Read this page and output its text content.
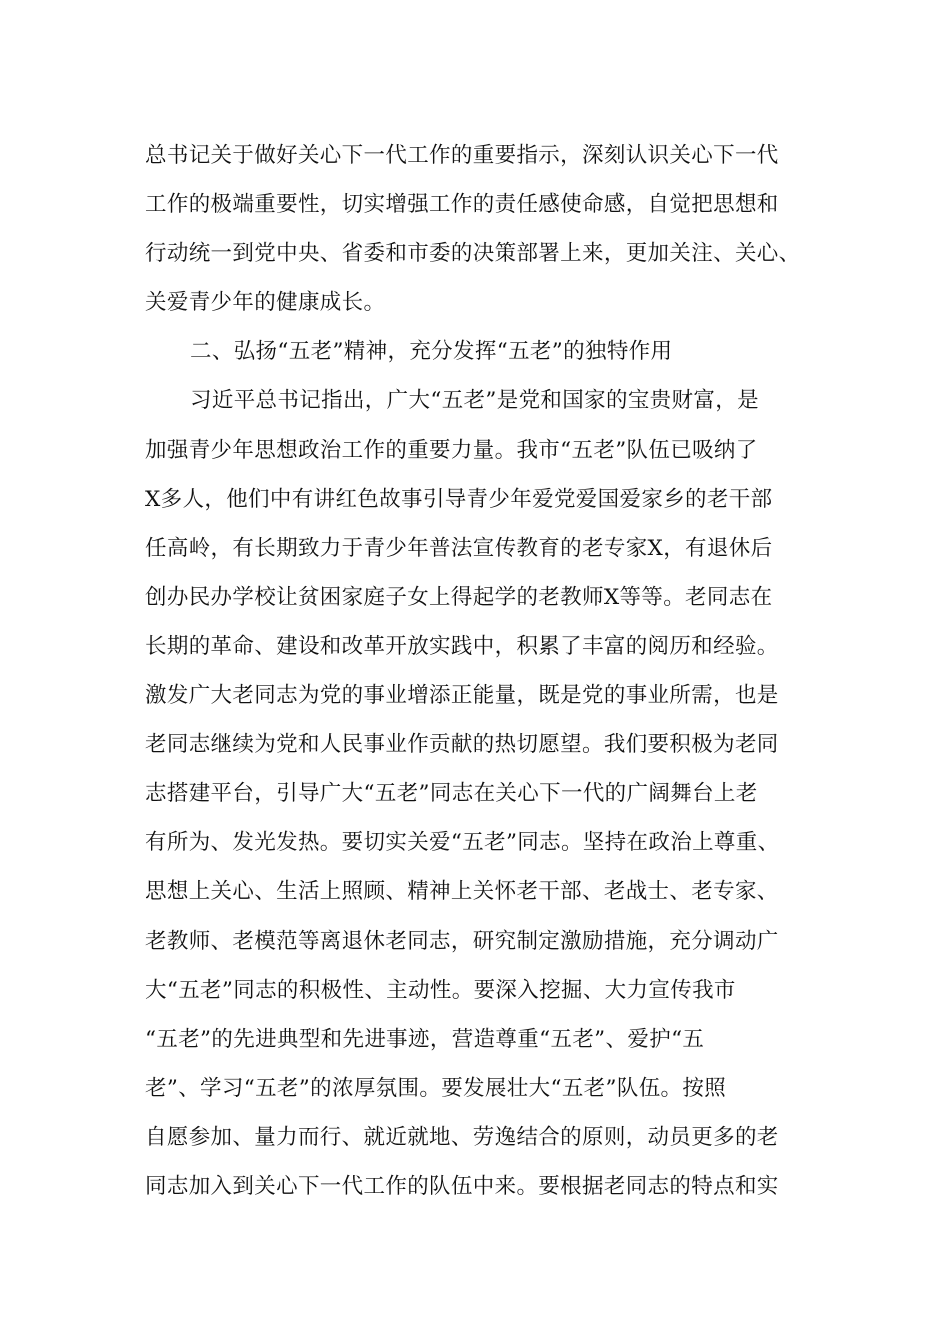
总书记关于做好关心下一代工作的重要指示，深刻认识关心下一代
工作的极端重要性，切实增强工作的责任感使命感，自觉把思想和
行动统一到党中央、省委和市委的决策部署上来，更加关注、关心、
关爱青少年的健康成长。
二、弘扬“五老”精神，充分发挥“五老”的独特作用
习近平总书记指出，广大“五老”是党和国家的宝贵财富，是
加强青少年思想政治工作的重要力量。我市“五老”队伍已吸纳了
X多人，他们中有讲红色故事引导青少年爱党爱国爱家乡的老干部
任高岭，有长期致力于青少年普法宣传教育的老专家X，有退休后
创办民办学校让贫困家庭子女上得起学的老教师X等等。老同志在
长期的革命、建设和改革开放实践中，积累了丰富的阅历和经验。
激发广大老同志为党的事业增添正能量，既是党的事业所需，也是
老同志继续为党和人民事业作贡献的热切愿望。我们要积极为老同
志搭建平台，引导广大“五老”同志在关心下一代的广阔舞台上老
有所为、发光发热。要切实关爱“五老”同志。坚持在政治上尊重、
思想上关心、生活上照顾、精神上关怀老干部、老战士、老专家、
老教师、老模范等离退休老同志，研究制定激励措施，充分调动广
大“五老”同志的积极性、主动性。要深入挖掘、大力宣传我市
“五老”的先进典型和先进事迹，营造尊重“五老”、爱护“五
老”、学习“五老”的浓厚氛围。要发展壮大“五老”队伍。按照
自愿参加、量力而行、就近就地、劳逸结合的原则，动员更多的老
同志加入到关心下一代工作的队伍中来。要根据老同志的特点和实
